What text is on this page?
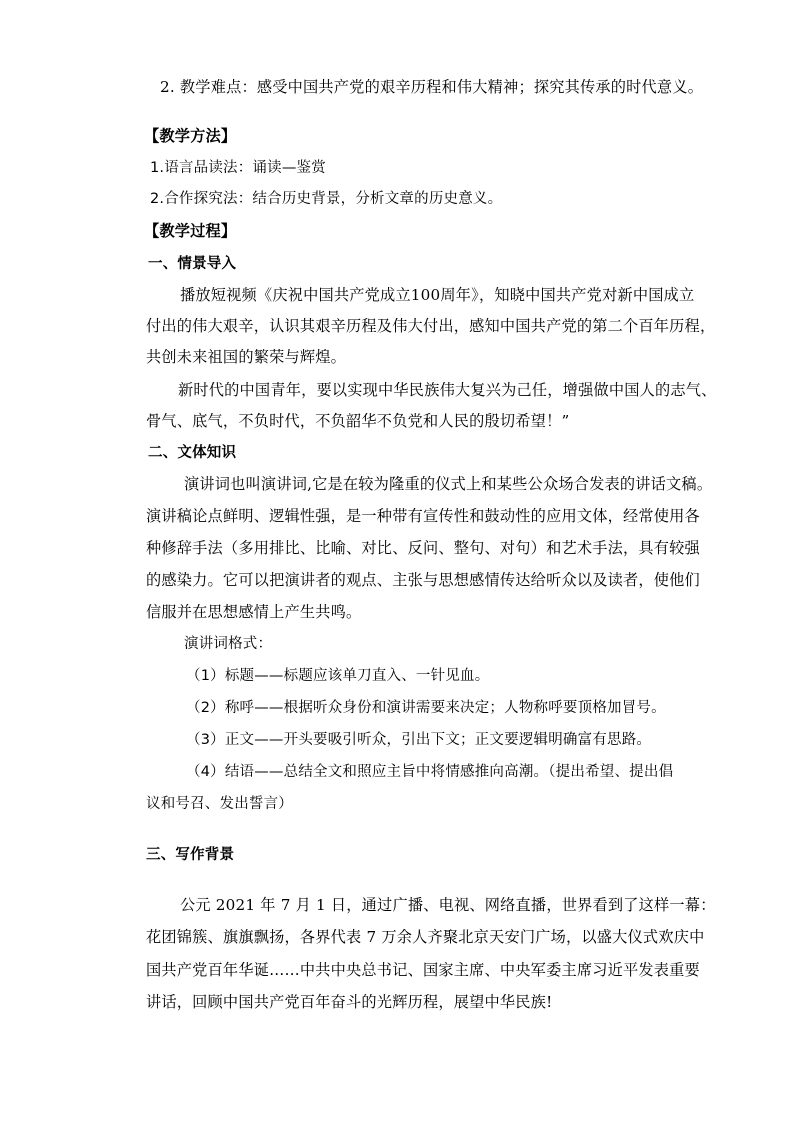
2. 教学难点：感受中国共产党的艰辛历程和伟大精神；探究其传承的时代意义。
【教学方法】
1.语言品读法：诵读—鉴赏
2.合作探究法：结合历史背景，分析文章的历史意义。
【教学过程】
一、情景导入
播放短视频《庆祝中国共产党成立100周年》，知晓中国共产党对新中国成立
付出的伟大艰辛，认识其艰辛历程及伟大付出，感知中国共产党的第二个百年历程，
共创未来祖国的繁荣与辉煌。
新时代的中国青年，要以实现中华民族伟大复兴为己任，增强做中国人的志气、
骨气、底气，不负时代，不负韶华不负党和人民的殷切希望！”
二、文体知识
演讲词也叫演讲词,它是在较为隆重的仪式上和某些公众场合发表的讲话文稿。
演讲稿论点鲜明、逻辑性强，是一种带有宣传性和鼓动性的应用文体，经常使用各
种修辞手法（多用排比、比喻、对比、反问、整句、对句）和艺术手法，具有较强
的感染力。它可以把演讲者的观点、主张与思想感情传达给听众以及读者，使他们
信服并在思想感情上产生共鸣。
演讲词格式：
（1）标题——标题应该单刀直入、一针见血。
（2）称呼——根据听众身份和演讲需要来决定；人物称呼要顶格加冒号。
（3）正文——开头要吸引听众，引出下文；正文要逻辑明确富有思路。
（4）结语——总结全文和照应主旨中将情感推向高潮。（提出希望、提出倡
议和号召、发出誓言）
三、写作背景
公元 2021 年 7 月 1 日，通过广播、电视、网络直播，世界看到了这样一幕：
花团锦簇、旗旗飘扬，各界代表 7 万余人齐聚北京天安门广场，以盛大仪式欢庆中
国共产党百年华诞……中共中央总书记、国家主席、中央军委主席习近平发表重要
讲话，回顾中国共产党百年奋斗的光辉历程，展望中华民族!
